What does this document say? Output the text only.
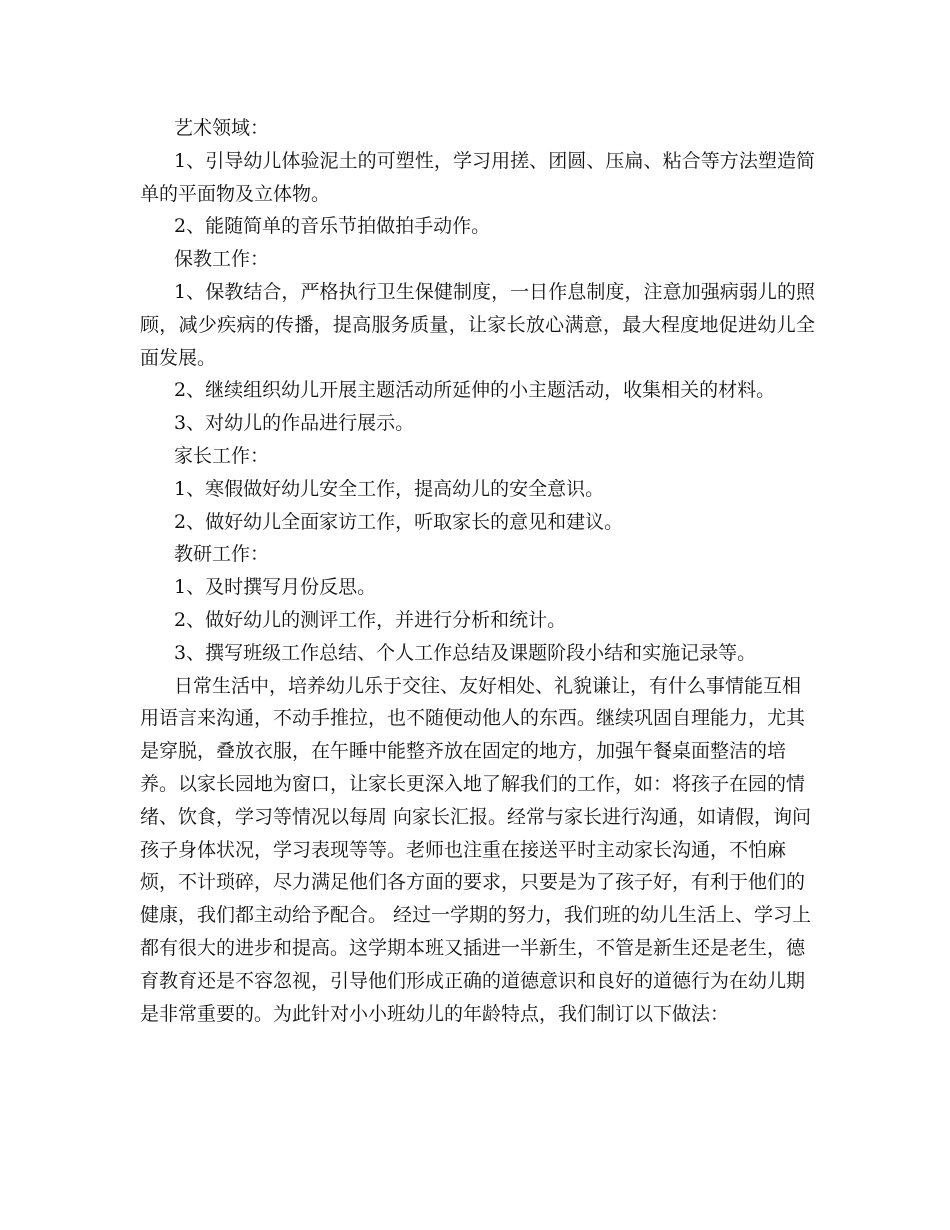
艺术领域：

1、引导幼儿体验泥土的可塑性，学习用搓、团圆、压扁、粘合等方法塑造简单的平面物及立体物。

2、能随简单的音乐节拍做拍手动作。

保教工作：

1、保教结合，严格执行卫生保健制度，一日作息制度，注意加强病弱儿的照顾，减少疾病的传播，提高服务质量，让家长放心满意，最大程度地促进幼儿全面发展。

2、继续组织幼儿开展主题活动所延伸的小主题活动，收集相关的材料。

3、对幼儿的作品进行展示。

家长工作：

1、寒假做好幼儿安全工作，提高幼儿的安全意识。

2、做好幼儿全面家访工作，听取家长的意见和建议。

教研工作：

1、及时撰写月份反思。

2、做好幼儿的测评工作，并进行分析和统计。

3、撰写班级工作总结、个人工作总结及课题阶段小结和实施记录等。

日常生活中，培养幼儿乐于交往、友好相处、礼貌谦让，有什么事情能互相用语言来沟通，不动手推拉，也不随便动他人的东西。继续巩固自理能力，尤其是穿脱，叠放衣服，在午睡中能整齐放在固定的地方，加强午餐桌面整洁的培养。以家长园地为窗口，让家长更深入地了解我们的工作，如：将孩子在园的情绪、饮食，学习等情况以每周 向家长汇报。经常与家长进行沟通，如请假，询问孩子身体状况，学习表现等等。老师也注重在接送平时主动家长沟通，不怕麻烦，不计琐碎，尽力满足他们各方面的要求，只要是为了孩子好，有利于他们的健康，我们都主动给予配合。 经过一学期的努力，我们班的幼儿生活上、学习上都有很大的进步和提高。这学期本班又插进一半新生，不管是新生还是老生，德育教育还是不容忽视，引导他们形成正确的道德意识和良好的道德行为在幼儿期是非常重要的。为此针对小小班幼儿的年龄特点，我们制订以下做法：
